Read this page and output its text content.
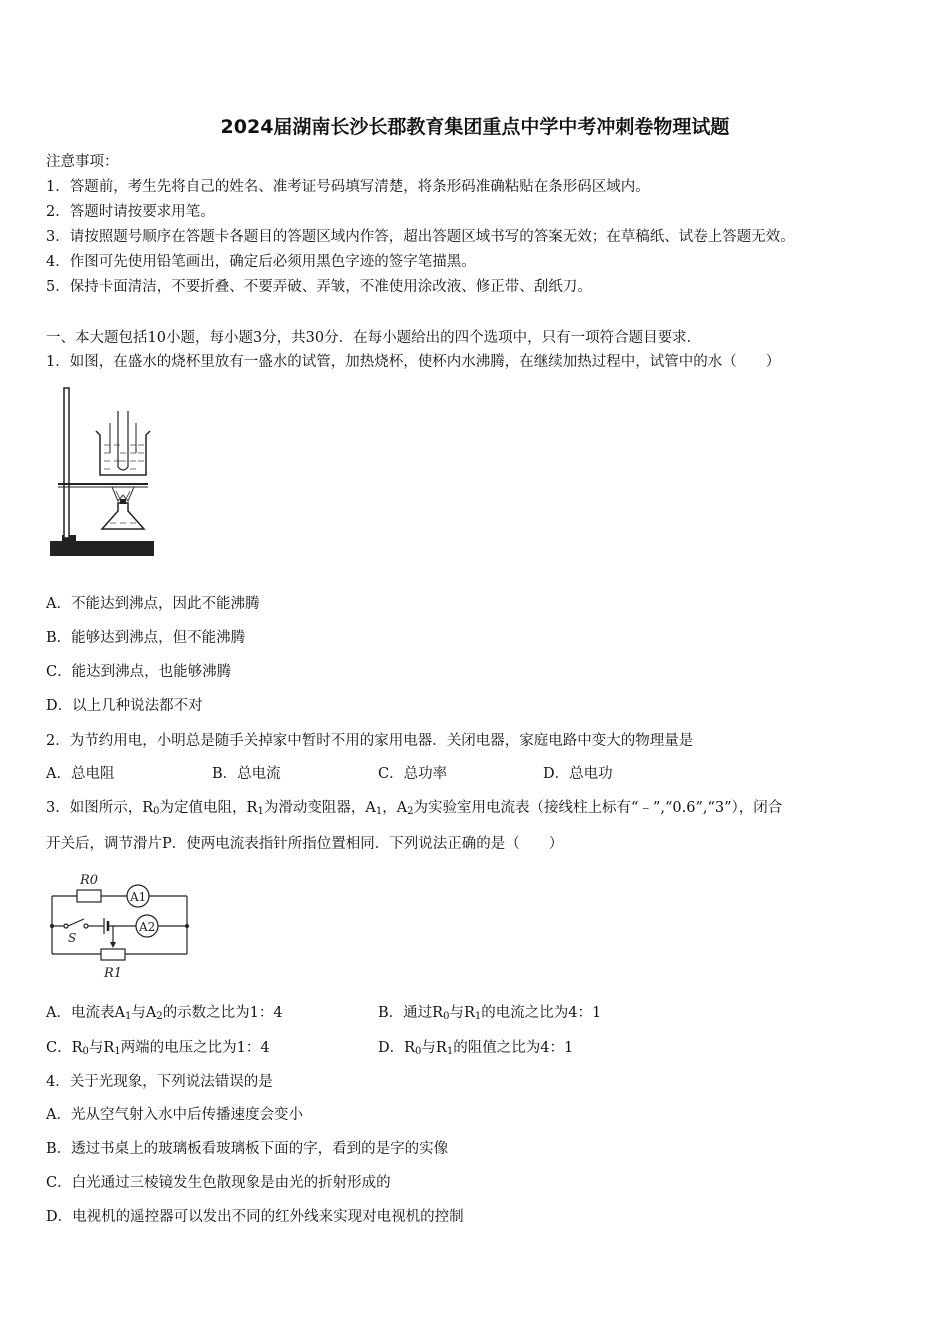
2024届湖南长沙长郡教育集团重点中学中考冲刺卷物理试题
注意事项：
1．答题前，考生先将自己的姓名、准考证号码填写清楚，将条形码准确粘贴在条形码区域内。
2．答题时请按要求用笔。
3．请按照题号顺序在答题卡各题目的答题区域内作答，超出答题区域书写的答案无效；在草稿纸、试卷上答题无效。
4．作图可先使用铅笔画出，确定后必须用黑色字迹的签字笔描黑。
5．保持卡面清洁，不要折叠、不要弄破、弄皱，不准使用涂改液、修正带、刮纸刀。
一、本大题包括10小题，每小题3分，共30分．在每小题给出的四个选项中，只有一项符合题目要求．
1．如图，在盛水的烧杯里放有一盛水的试管，加热烧杯，使杯内水沸腾，在继续加热过程中，试管中的水（　　）
A．不能达到沸点，因此不能沸腾
B．能够达到沸点，但不能沸腾
C．能达到沸点，也能够沸腾
D．以上几种说法都不对
2．为节约用电，小明总是随手关掉家中暂时不用的家用电器．关闭电器，家庭电路中变大的物理量是
A．总电阻	B．总电流	C．总功率	D．总电功
3．如图所示，$R_0$为定值电阻，$R_1$为滑动变阻器，$A_1$，$A_2$为实验室用电流表（接线柱上标有“﹣”,“0.6”,“3”），闭合
开关后，调节滑片P．使两电流表指针所指位置相同．下列说法正确的是（　　）
R0
A1
A2
S
R1
A．电流表$A_1$与$A_2$的示数之比为1：4	B．通过$R_0$与$R_1$的电流之比为4：1
C．$R_0$与$R_1$两端的电压之比为1：4	D．$R_0$与$R_1$的阻值之比为4：1
4．关于光现象，下列说法错误的是
A．光从空气射入水中后传播速度会变小
B．透过书桌上的玻璃板看玻璃板下面的字，看到的是字的实像
C．白光通过三棱镜发生色散现象是由光的折射形成的
D．电视机的遥控器可以发出不同的红外线来实现对电视机的控制
